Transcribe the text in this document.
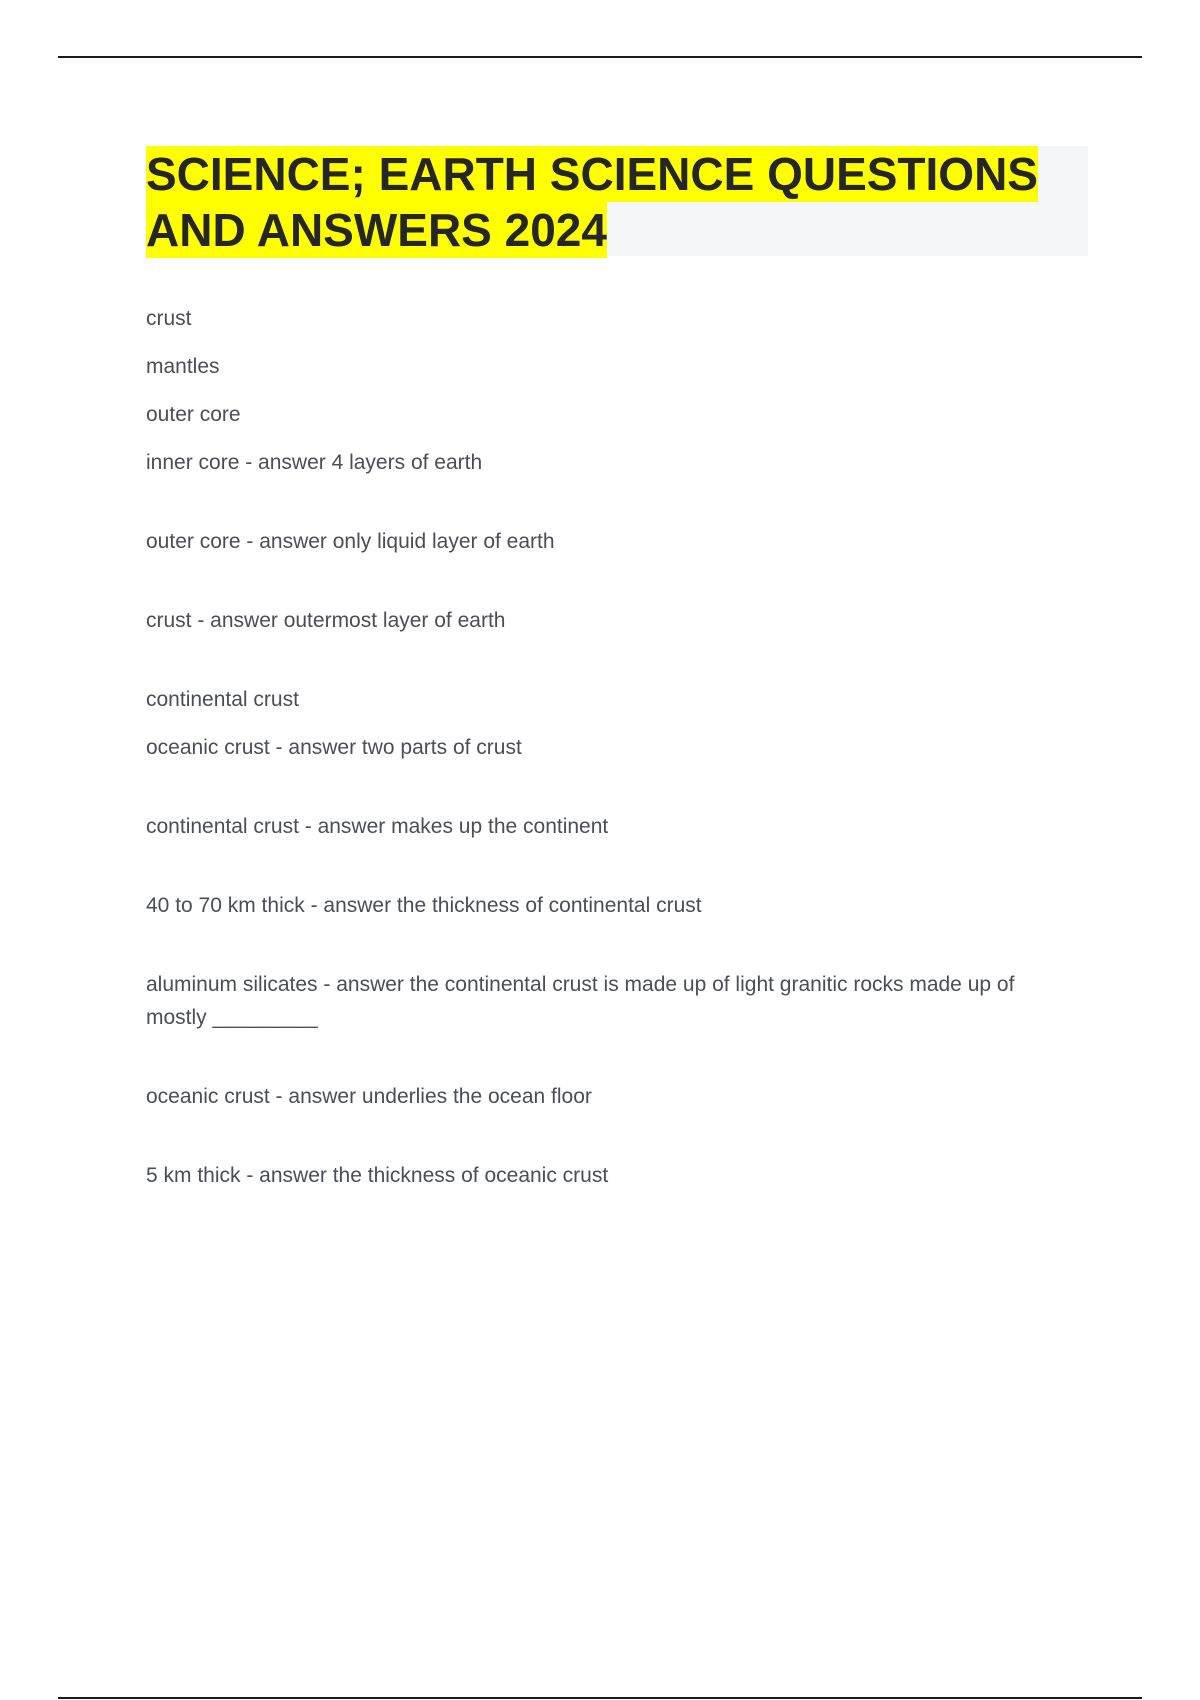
SCIENCE; EARTH SCIENCE QUESTIONS
AND ANSWERS 2024

crust

mantles

outer core

inner core - answer 4 layers of earth

outer core - answer only liquid layer of earth

crust - answer outermost layer of earth

continental crust

oceanic crust - answer two parts of crust

continental crust - answer makes up the continent

40 to 70 km thick - answer the thickness of continental crust

aluminum silicates - answer the continental crust is made up of light granitic rocks made up of mostly _________

oceanic crust - answer underlies the ocean floor

5 km thick - answer the thickness of oceanic crust
